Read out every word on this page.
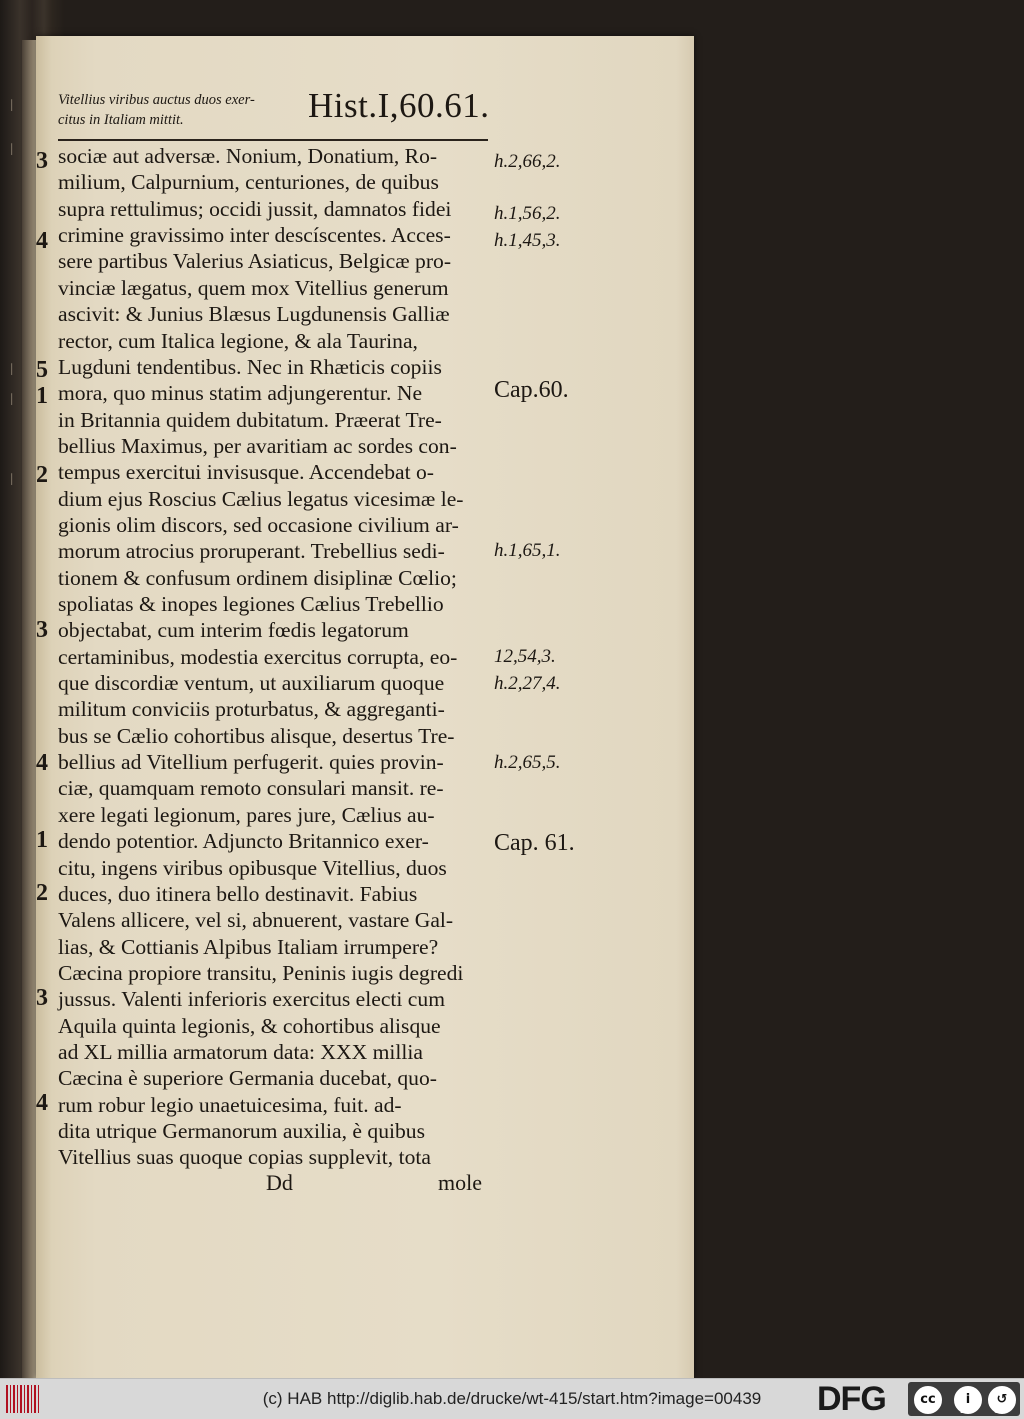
ǀ
ǀ
ǀ
ǀ
ǀ
Vitellius viribus auctus duos exer-
citus in Italiam mittit.	Hist.I,60.61.
sociæ aut adversæ. Nonium, Donatium, Ro-
milium, Calpurnium, centuriones, de quibus
supra rettulimus; occidi jussit, damnatos fidei
crimine gravissimo inter descíscentes. Acces-
sere partibus Valerius Asiaticus, Belgicæ pro-
vinciæ lægatus, quem mox Vitellius generum
ascivit: & Junius Blæsus Lugdunensis Galliæ
rector, cum Italica legione, & ala Taurina,
Lugduni tendentibus. Nec in Rhæticis copiis
mora, quo minus statim adjungerentur. Ne
in Britannia quidem dubitatum. Præerat Tre-
bellius Maximus, per avaritiam ac sordes con-
tempus exercitui invisusque. Accendebat o-
dium ejus Roscius Cælius legatus vicesimæ le-
gionis olim discors, sed occasione civilium ar-
morum atrocius proruperant. Trebellius sedi-
tionem & confusum ordinem disiplinæ Cœlio;
spoliatas & inopes legiones Cælius Trebellio
objectabat, cum interim fœdis legatorum
certaminibus, modestia exercitus corrupta, eo-
que discordiæ ventum, ut auxiliarum quoque
militum conviciis proturbatus, & aggreganti-
bus se Cælio cohortibus alisque, desertus Tre-
bellius ad Vitellium perfugerit. quies provin-
ciæ, quamquam remoto consulari mansit. re-
xere legati legionum, pares jure, Cælius au-
dendo potentior. Adjuncto Britannico exer-
citu, ingens viribus opibusque Vitellius, duos
duces, duo itinera bello destinavit. Fabius
Valens allicere, vel si, abnuerent, vastare Gal-
lias, & Cottianis Alpibus Italiam irrumpere?
Cæcina propiore transitu, Peninis iugis degredi
jussus. Valenti inferioris exercitus electi cum
Aquila quinta legionis, & cohortibus alisque
ad XL millia armatorum data: XXX millia
Cæcina è superiore Germania ducebat, quo-
rum robur legio unaetuicesima, fuit. ad-
dita utrique Germanorum auxilia, è quibus
Vitellius suas quoque copias supplevit, tota
3
4
5
1
2
3
4
1
2
3
4
h.2,66,2.
h.1,56,2.
h.1,45,3.
h.1,65,1.
12,54,3.
h.2,27,4.
h.2,65,5.
Cap.60.
Cap. 61.
Dd	mole
(c) HAB http://diglib.hab.de/drucke/wt-415/start.htm?image=00439	DFG	cc	i	↺
BY	SA
